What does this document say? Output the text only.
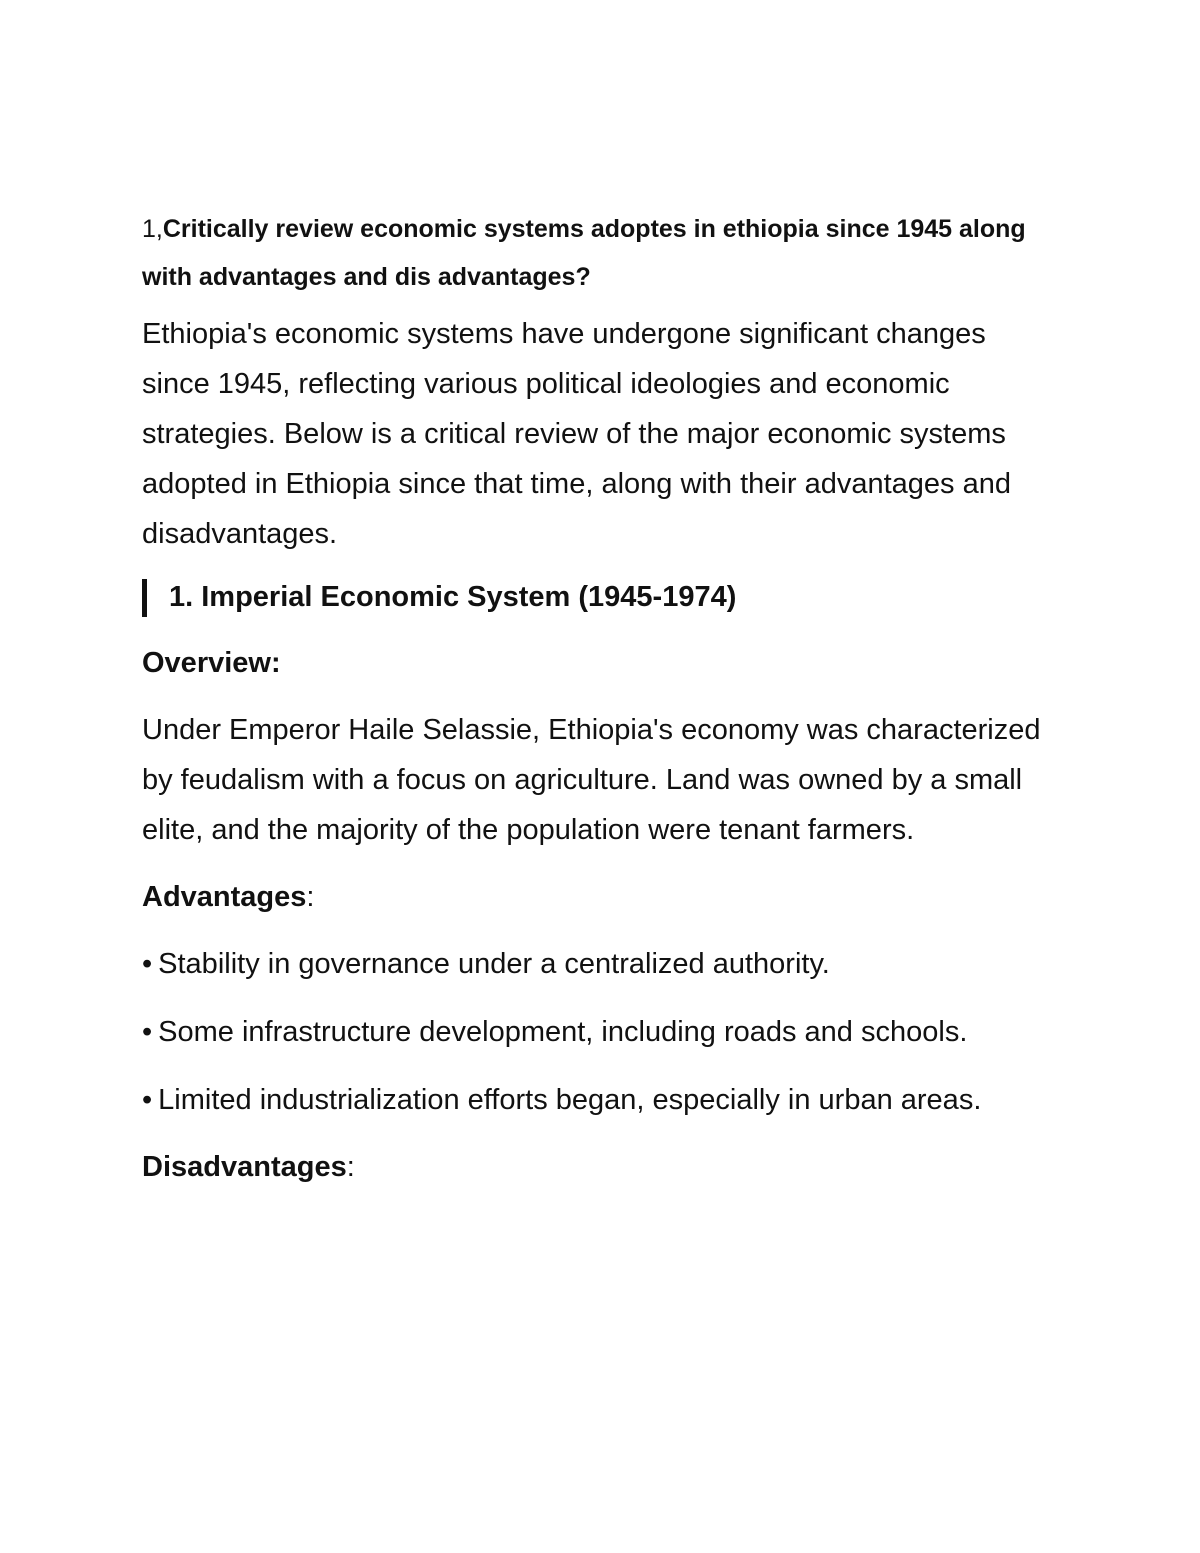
1,Critically review economic systems adoptes in ethiopia since 1945 along with advantages and dis advantages?

Ethiopia's economic systems have undergone significant changes since 1945, reflecting various political ideologies and economic strategies. Below is a critical review of the major economic systems adopted in Ethiopia since that time, along with their advantages and disadvantages.

1. Imperial Economic System (1945-1974)

Overview:

Under Emperor Haile Selassie, Ethiopia's economy was characterized by feudalism with a focus on agriculture. Land was owned by a small elite, and the majority of the population were tenant farmers.

Advantages:

• Stability in governance under a centralized authority.

• Some infrastructure development, including roads and schools.

• Limited industrialization efforts began, especially in urban areas.

Disadvantages:
